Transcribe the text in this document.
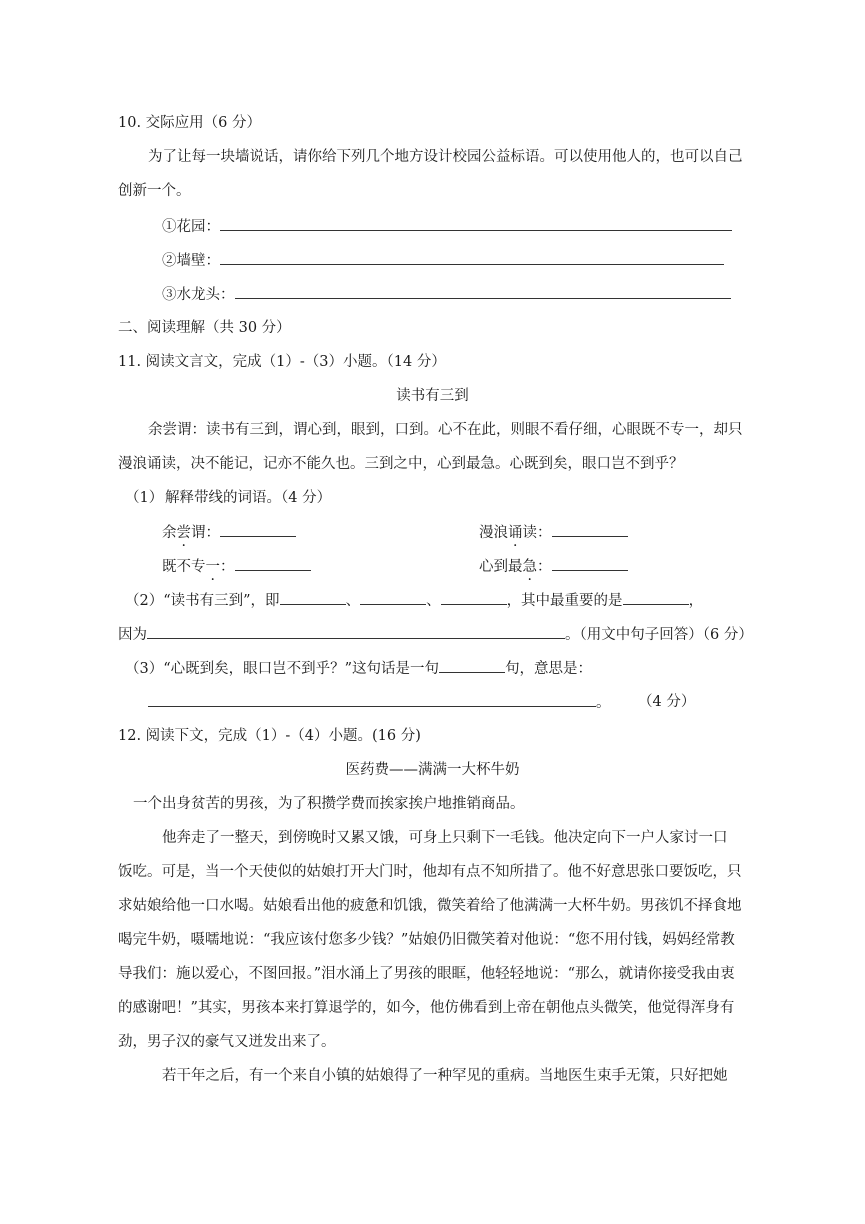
10. 交际应用（6 分）
为了让每一块墙说话，请你给下列几个地方设计校园公益标语。可以使用他人的，也可以自己
创新一个。
①花园：
②墙壁：
③水龙头：
二、阅读理解（共 30 分）
11. 阅读文言文，完成（1）-（3）小题。（14 分）
读书有三到
余尝谓：读书有三到，谓心到，眼到，口到。心不在此，则眼不看仔细，心眼既不专一，却只
漫浪诵读，决不能记，记亦不能久也。三到之中，心到最急。心既到矣，眼口岂不到乎？
（1） 解释带线的词语。（4 分）
余尝谓：	漫浪诵读：
既不专一：	心到最急：
（2）“读书有三到”，即	、	、	，其中最重要的是	，
因为	。（用文中句子回答）（6 分）
（3）“心既到矣，眼口岂不到乎？”这句话是一句	句，意思是：
。 （4 分）
12. 阅读下文，完成（1）-（4）小题。(16 分)
医药费——满满一大杯牛奶
一个出身贫苦的男孩，为了积攒学费而挨家挨户地推销商品。
他奔走了一整天，到傍晚时又累又饿，可身上只剩下一毛钱。他决定向下一户人家讨一口
饭吃。可是，当一个天使似的姑娘打开大门时，他却有点不知所措了。他不好意思张口要饭吃，只
求姑娘给他一口水喝。姑娘看出他的疲惫和饥饿，微笑着给了他满满一大杯牛奶。男孩饥不择食地
喝完牛奶，嗫嚅地说：“我应该付您多少钱？”姑娘仍旧微笑着对他说：“您不用付钱，妈妈经常教
导我们：施以爱心，不图回报。”泪水涌上了男孩的眼眶，他轻轻地说：“那么，就请你接受我由衷
的感谢吧！”其实，男孩本来打算退学的，如今，他仿佛看到上帝在朝他点头微笑，他觉得浑身有
劲，男子汉的豪气又迸发出来了。
若干年之后，有一个来自小镇的姑娘得了一种罕见的重病。当地医生束手无策，只好把她
